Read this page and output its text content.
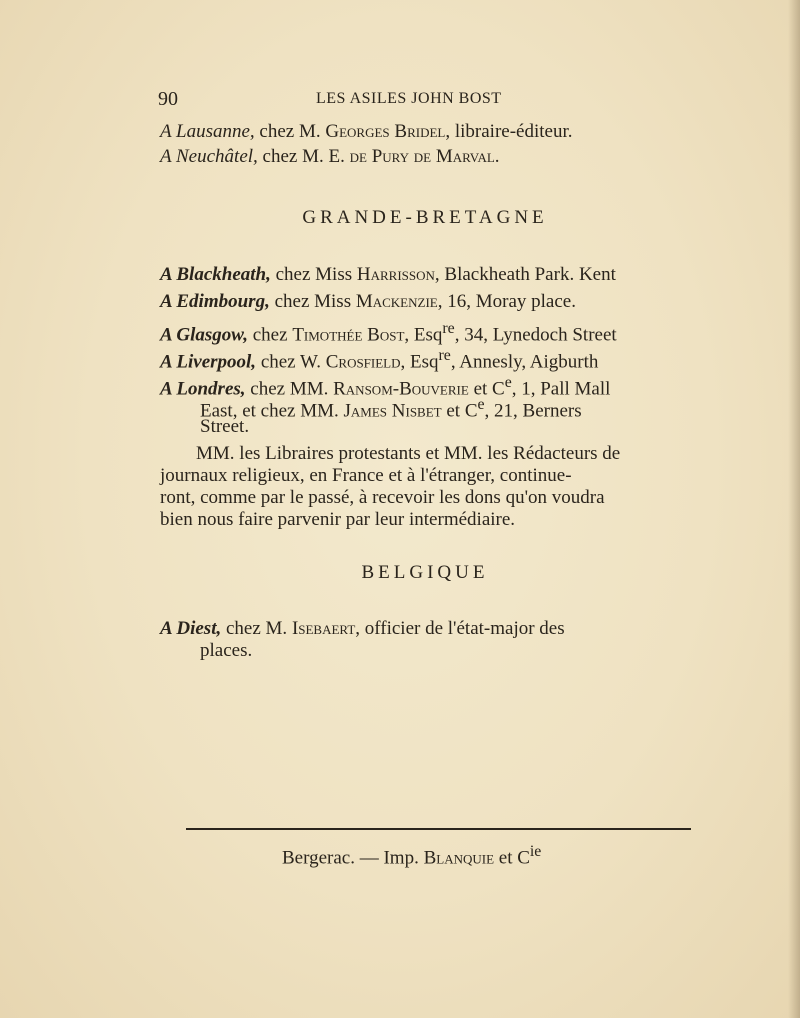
90	LES ASILES JOHN BOST
A Lausanne, chez M. Georges Bridel, libraire-éditeur.
A Neuchâtel, chez M. E. de Pury de Marval.
GRANDE-BRETAGNE
A Blackheath, chez Miss Harrisson, Blackheath Park. Kent
A Edimbourg, chez Miss Mackenzie, 16, Moray place.
A Glasgow, chez Timothée Bost, Esq$^{re}$, 34, Lynedoch Street
A Liverpool, chez W. Crosfield, Esq$^{re}$, Annesly, Aigburth
A Londres, chez MM. Ransom-Bouverie et Ce, 1, Pall Mall
East, et chez MM. James Nisbet et Ce, 21, Berners
Street.
MM. les Libraires protestants et MM. les Rédacteurs de
journaux religieux, en France et à l'étranger, continue-
ront, comme par le passé, à recevoir les dons qu'on voudra
bien nous faire parvenir par leur intermédiaire.
BELGIQUE
A Diest, chez M. Isebaert, officier de l'état-major des
places.
Bergerac. — Imp. Blanquie et $C^{ie}$
